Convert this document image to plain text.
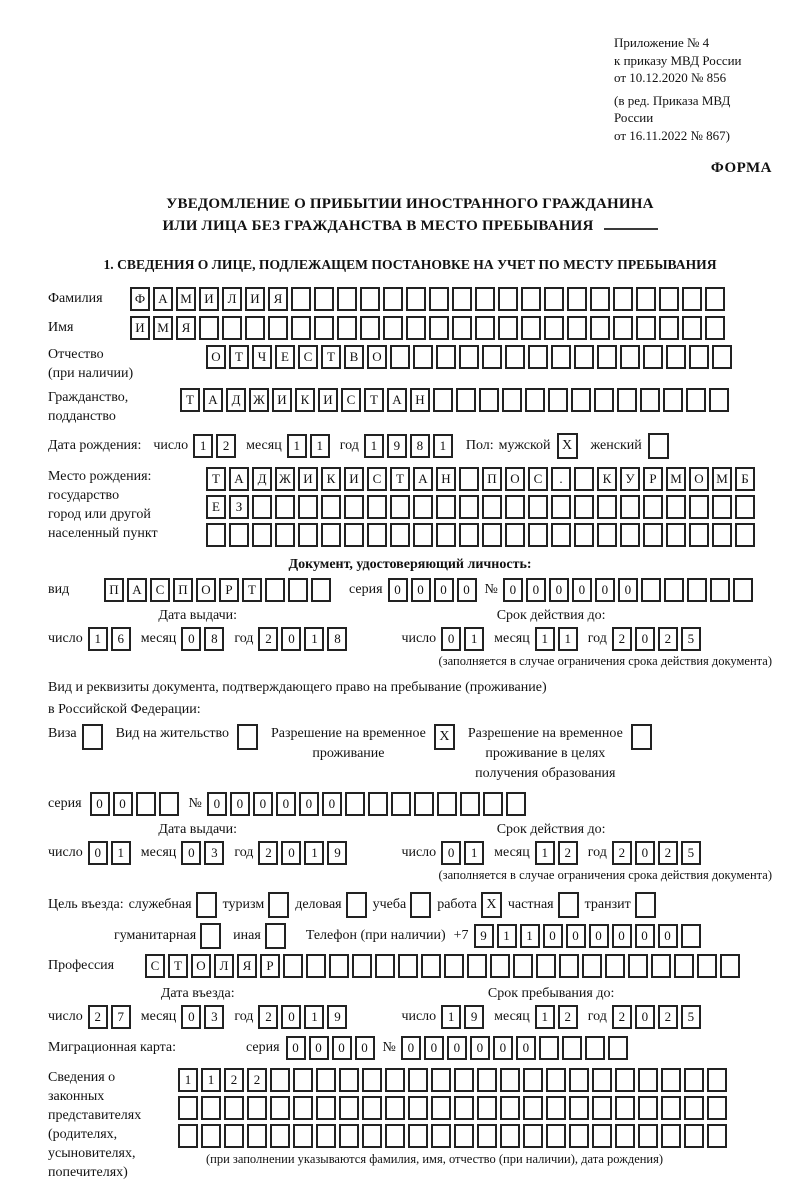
Приложение № 4
к приказу МВД России
от 10.12.2020 № 856
(в ред. Приказа МВД России
от 16.11.2022 № 867)
ФОРМА
УВЕДОМЛЕНИЕ О ПРИБЫТИИ ИНОСТРАННОГО ГРАЖДАНИНА
ИЛИ ЛИЦА БЕЗ ГРАЖДАНСТВА В МЕСТО ПРЕБЫВАНИЯ
1. СВЕДЕНИЯ О ЛИЦЕ, ПОДЛЕЖАЩЕМ ПОСТАНОВКЕ НА УЧЕТ ПО МЕСТУ ПРЕБЫВАНИЯ
Фамилия	Ф	А М И	Л	И	Я
Имя	И М Я
Отчество
(при наличии)
О	Т	Ч	Е	С	Т	В	О
Гражданство,
подданство
Т	А	Д Ж И	К	И	С	Т	А	Н
Дата рождения: число 1	2	месяц 1	1	год 1	9	8	1	Пол: мужской X	женский
Место рождения:
государство
город или другой
населенный пункт
Т	А	Д Ж И	К	И	С	Т	А	Н	П	О	С	.	К	У	Р	М О М	Б
Е	З
Документ, удостоверяющий личность:
вид	П	А	С	П	О	Р	Т	серия 0	0	0	0	№ 0	0	0	0	0	0
Дата выдачи:
число 1	6	месяц 0	8	год 2	0	1	8
Срок действия до:
число 0	1	месяц 1	1	год 2	0	2	5
(заполняется в случае ограничения срока действия документа)
Вид и реквизиты документа, подтверждающего право на пребывание (проживание)
в Российской Федерации:
Виза	Вид на жительство	Разрешение на временное
проживание
X	Разрешение на временное
проживание в целях
получения образования
серия	0	0	№ 0	0	0	0	0	0
Дата выдачи:
число 0	1	месяц 0	3	год 2	0	1	9
Срок действия до:
число 0	1	месяц 1	2	год 2	0	2	5
(заполняется в случае ограничения срока действия документа)
Цель въезда: служебная туризм деловая учеба работа X частная транзит
гуманитарная	иная	Телефон (при наличии) +7 9	1	1	0	0	0	0	0	0
Профессия	С	Т	О	Л	Я	Р
Дата въезда:
число 2	7	месяц 0	3	год 2	0	1	9
Срок пребывания до:
число 1	9	месяц 1	2	год 2	0	2	5
Миграционная карта:	серия 0	0	0	0	№ 0	0	0	0	0	0
Сведения о
законных
представителях
(родителях,
усыновителях,
попечителях)
1	1	2	2
(при заполнении указываются фамилия, имя, отчество (при наличии), дата рождения)
